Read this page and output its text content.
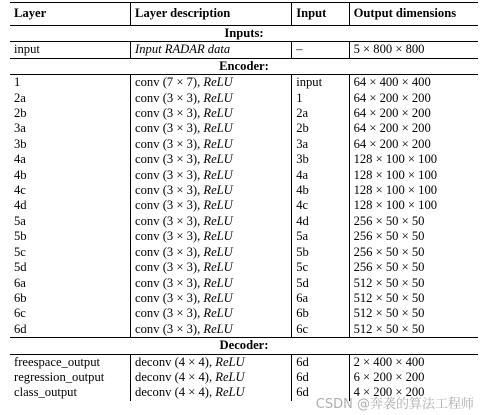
Layer	Layer description	Input	Output dimensions
Inputs:			
input	Input RADAR data	–	5 × 800 × 800
Encoder:			
1	conv (7 × 7), ReLU	input	64 × 400 × 400
2a	conv (3 × 3), ReLU	1	64 × 200 × 200
2b	conv (3 × 3), ReLU	2a	64 × 200 × 200
3a	conv (3 × 3), ReLU	2b	64 × 200 × 200
3b	conv (3 × 3), ReLU	3a	64 × 200 × 200
4a	conv (3 × 3), ReLU	3b	128 × 100 × 100
4b	conv (3 × 3), ReLU	4a	128 × 100 × 100
4c	conv (3 × 3), ReLU	4b	128 × 100 × 100
4d	conv (3 × 3), ReLU	4c	128 × 100 × 100
5a	conv (3 × 3), ReLU	4d	256 × 50 × 50
5b	conv (3 × 3), ReLU	5a	256 × 50 × 50
5c	conv (3 × 3), ReLU	5b	256 × 50 × 50
5d	conv (3 × 3), ReLU	5c	256 × 50 × 50
6a	conv (3 × 3), ReLU	5d	512 × 50 × 50
6b	conv (3 × 3), ReLU	6a	512 × 50 × 50
6c	conv (3 × 3), ReLU	6b	512 × 50 × 50
6d	conv (3 × 3), ReLU	6c	512 × 50 × 50
Decoder:			
freespace_output	deconv (4 × 4), ReLU	6d	2 × 400 × 400
regression_output	deconv (4 × 4), ReLU	6d	6 × 200 × 200
class_output	deconv (4 × 4), ReLU	6d	4 × 200 × 200
CSDN @奔袭的算法工程师
